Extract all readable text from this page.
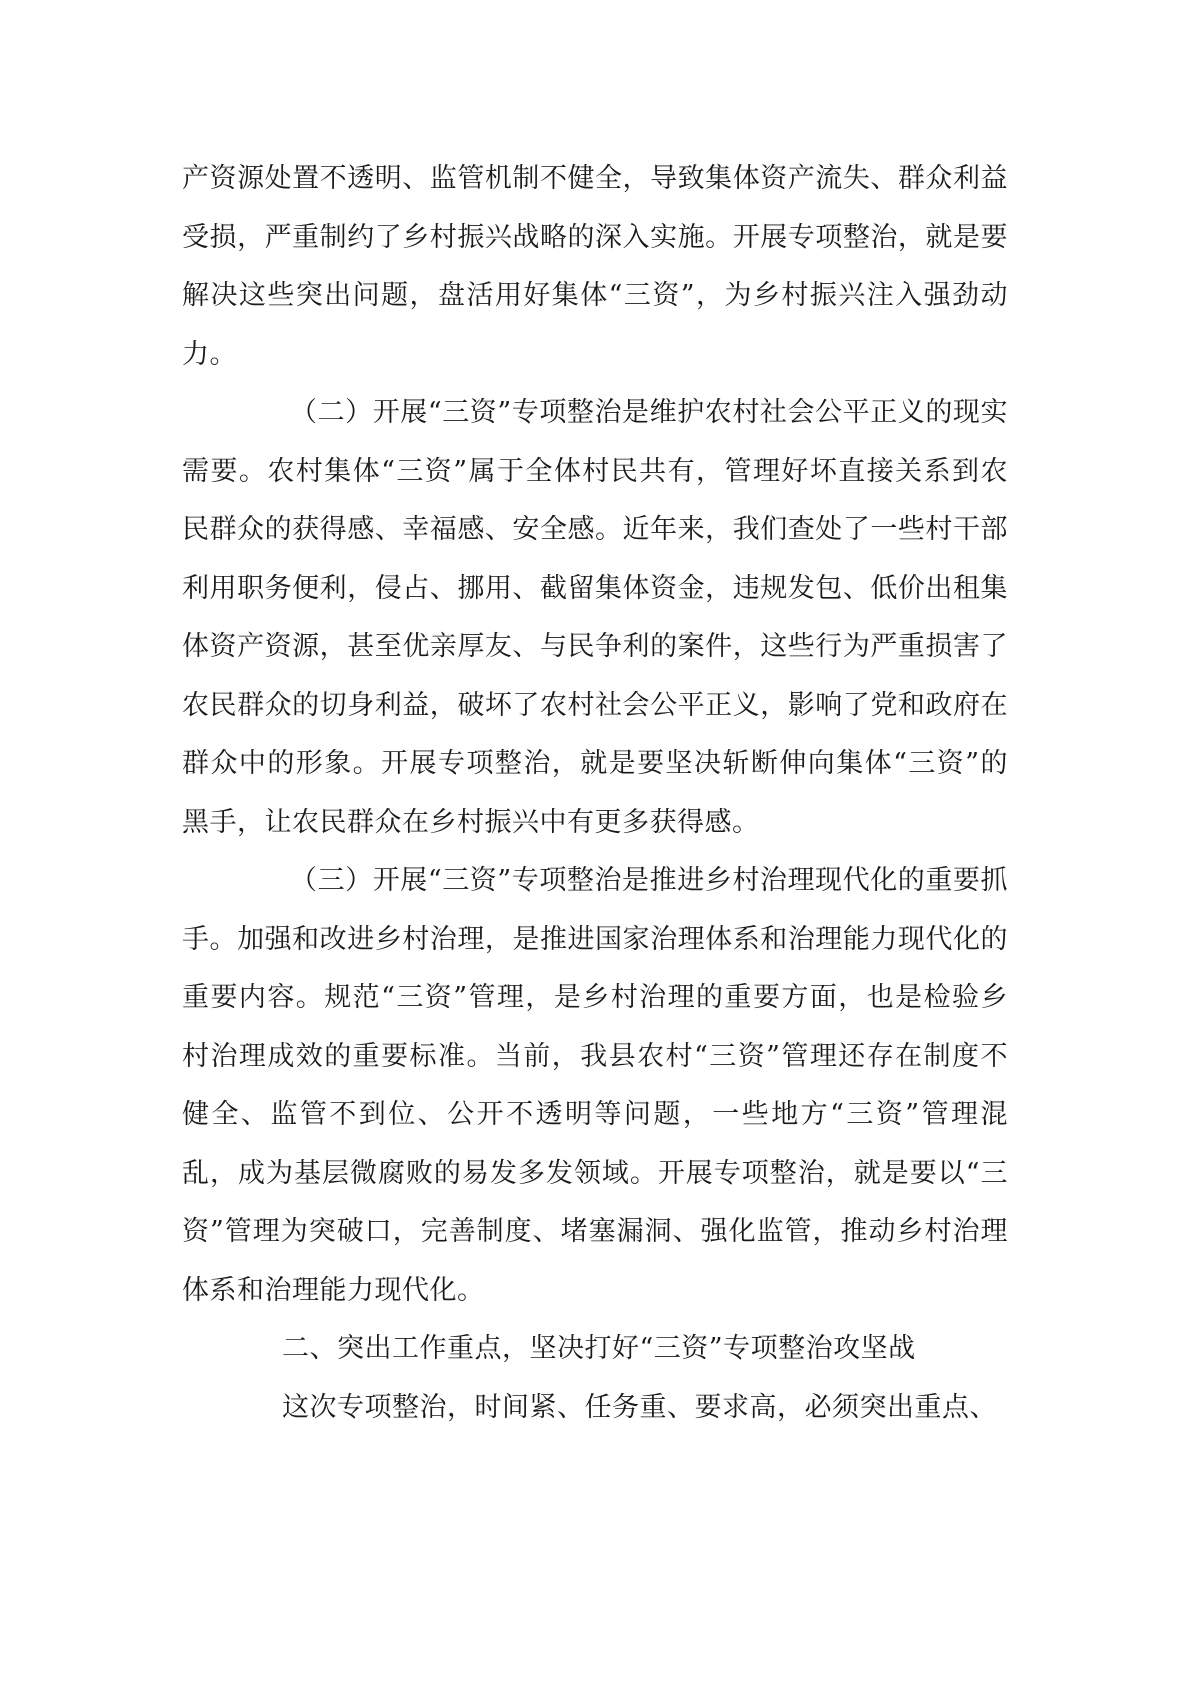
产资源处置不透明、监管机制不健全，导致集体资产流失、群众利益受损，严重制约了乡村振兴战略的深入实施。开展专项整治，就是要解决这些突出问题，盘活用好集体“三资”，为乡村振兴注入强劲动力。

（二）开展“三资”专项整治是维护农村社会公平正义的现实需要。农村集体“三资”属于全体村民共有，管理好坏直接关系到农民群众的获得感、幸福感、安全感。近年来，我们查处了一些村干部利用职务便利，侵占、挪用、截留集体资金，违规发包、低价出租集体资产资源，甚至优亲厚友、与民争利的案件，这些行为严重损害了农民群众的切身利益，破坏了农村社会公平正义，影响了党和政府在群众中的形象。开展专项整治，就是要坚决斩断伸向集体“三资”的黑手，让农民群众在乡村振兴中有更多获得感。

（三）开展“三资”专项整治是推进乡村治理现代化的重要抓手。加强和改进乡村治理，是推进国家治理体系和治理能力现代化的重要内容。规范“三资”管理，是乡村治理的重要方面，也是检验乡村治理成效的重要标准。当前，我县农村“三资”管理还存在制度不健全、监管不到位、公开不透明等问题，一些地方“三资”管理混乱，成为基层微腐败的易发多发领域。开展专项整治，就是要以“三资”管理为突破口，完善制度、堵塞漏洞、强化监管，推动乡村治理体系和治理能力现代化。

二、突出工作重点，坚决打好“三资”专项整治攻坚战

这次专项整治，时间紧、任务重、要求高，必须突出重点、
